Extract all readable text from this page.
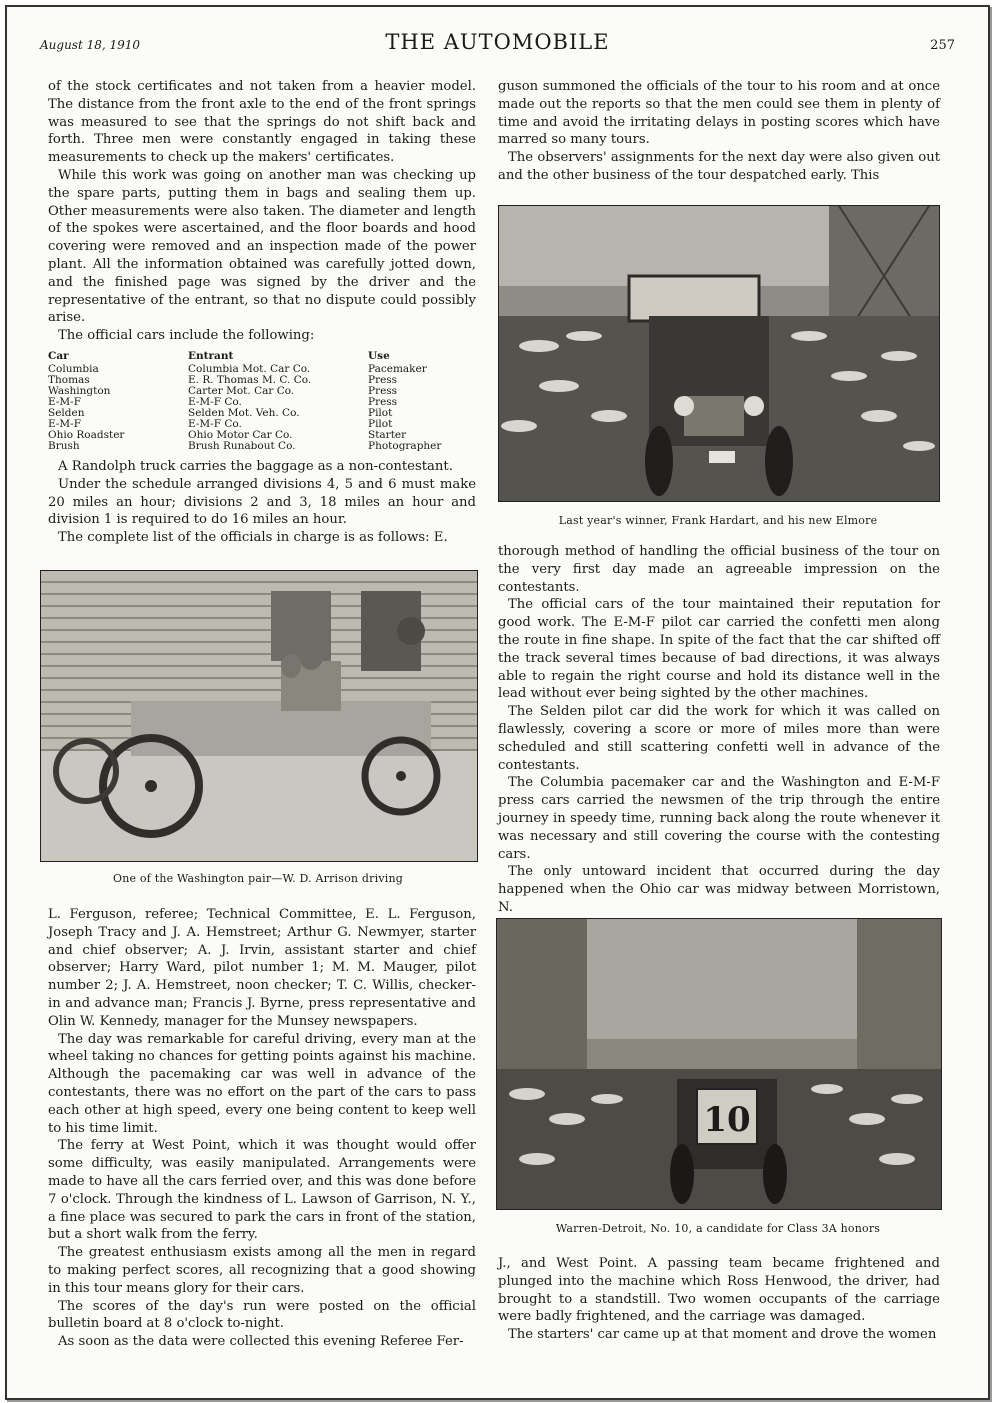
August 18, 1910	THE AUTOMOBILE	257

of the stock certificates and not taken from a heavier model. The distance from the front axle to the end of the front springs was measured to see that the springs do not shift back and forth. Three men were constantly engaged in taking these measurements to check up the makers' certificates.

While this work was going on another man was checking up the spare parts, putting them in bags and sealing them up. Other measurements were also taken. The diameter and length of the spokes were ascertained, and the floor boards and hood covering were removed and an inspection made of the power plant. All the information obtained was carefully jotted down, and the finished page was signed by the driver and the representative of the entrant, so that no dispute could possibly arise.

The official cars include the following:

Car	Entrant	Use
Columbia	Columbia Mot. Car Co.	Pacemaker
Thomas	E. R. Thomas M. C. Co.	Press
Washington	Carter Mot. Car Co.	Press
E-M-F	E-M-F Co.	Press
Selden	Selden Mot. Veh. Co.	Pilot
E-M-F	E-M-F Co.	Pilot
Ohio Roadster	Ohio Motor Car Co.	Starter
Brush	Brush Runabout Co.	Photographer

A Randolph truck carries the baggage as a non-contestant.

Under the schedule arranged divisions 4, 5 and 6 must make 20 miles an hour; divisions 2 and 3, 18 miles an hour and division 1 is required to do 16 miles an hour.

The complete list of the officials in charge is as follows: E.

One of the Washington pair—W. D. Arrison driving

L. Ferguson, referee; Technical Committee, E. L. Ferguson, Joseph Tracy and J. A. Hemstreet; Arthur G. Newmyer, starter and chief observer; A. J. Irvin, assistant starter and chief observer; Harry Ward, pilot number 1; M. M. Mauger, pilot number 2; J. A. Hemstreet, noon checker; T. C. Willis, checker-in and advance man; Francis J. Byrne, press representative and Olin W. Kennedy, manager for the Munsey newspapers.

The day was remarkable for careful driving, every man at the wheel taking no chances for getting points against his machine. Although the pacemaking car was well in advance of the contestants, there was no effort on the part of the cars to pass each other at high speed, every one being content to keep well to his time limit.

The ferry at West Point, which it was thought would offer some difficulty, was easily manipulated. Arrangements were made to have all the cars ferried over, and this was done before 7 o'clock. Through the kindness of L. Lawson of Garrison, N. Y., a fine place was secured to park the cars in front of the station, but a short walk from the ferry.

The greatest enthusiasm exists among all the men in regard to making perfect scores, all recognizing that a good showing in this tour means glory for their cars.

The scores of the day's run were posted on the official bulletin board at 8 o'clock to-night.

As soon as the data were collected this evening Referee Fer-

guson summoned the officials of the tour to his room and at once made out the reports so that the men could see them in plenty of time and avoid the irritating delays in posting scores which have marred so many tours.

The observers' assignments for the next day were also given out and the other business of the tour despatched early. This

Last year's winner, Frank Hardart, and his new Elmore

thorough method of handling the official business of the tour on the very first day made an agreeable impression on the contestants.

The official cars of the tour maintained their reputation for good work. The E-M-F pilot car carried the confetti men along the route in fine shape. In spite of the fact that the car shifted off the track several times because of bad directions, it was always able to regain the right course and hold its distance well in the lead without ever being sighted by the other machines.

The Selden pilot car did the work for which it was called on flawlessly, covering a score or more of miles more than were scheduled and still scattering confetti well in advance of the contestants.

The Columbia pacemaker car and the Washington and E-M-F press cars carried the newsmen of the trip through the entire journey in speedy time, running back along the route whenever it was necessary and still covering the course with the contesting cars.

The only untoward incident that occurred during the day happened when the Ohio car was midway between Morristown, N.

10
Warren-Detroit, No. 10, a candidate for Class 3A honors

J., and West Point. A passing team became frightened and plunged into the machine which Ross Henwood, the driver, had brought to a standstill. Two women occupants of the carriage were badly frightened, and the carriage was damaged.

The starters' car came up at that moment and drove the women
